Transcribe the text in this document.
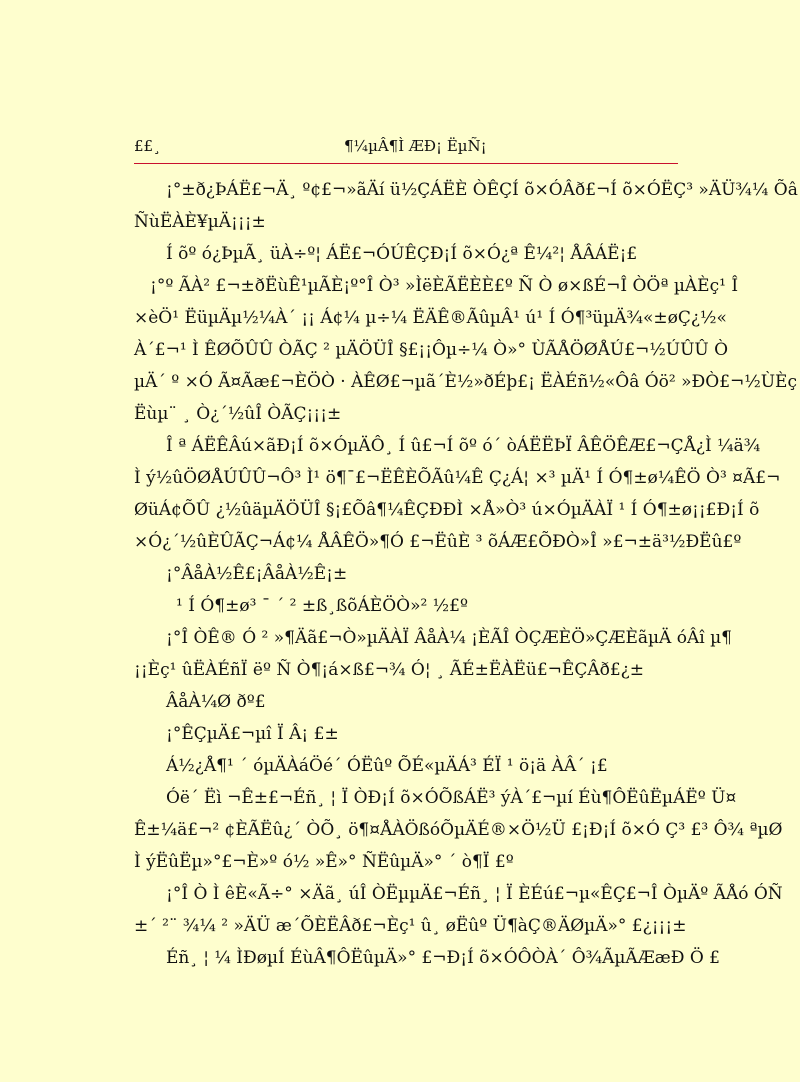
££¸	¶¼µÂ¶Ì ÆÐ¡ ËµÑ¡
¡°±ð¿ÞÁË£¬Ä¸ º¢£¬»ãÄí ü½ÇÁËÈ ÒÊÇÍ õ×ÓÂð£¬Í õ×ÓËÇ³ »ÄÜ¾¼ Õâ
ÑùËÀÈ¥µÄ¡¡¡±
Í õº ó¿ÞµÃ¸ üÀ÷º¦ ÁË£¬ÓÚÊÇÐ¡Í õ×Ó¿ª Ê¼²¦ ÅÂÁË¡£
¡°º ÃÀ² £¬±ðËùÊ¹µÃÈ¡º°Î Ò³ »ÌëÈÃËÈÈ£º Ñ Ò ø×ßÉ¬Î ÒÖª µÀÈç¹ Î
×èÖ¹ ËüµÄµ½¼À´ ¡¡ Á¢¼ µ÷¼ ËÄÊ®ÃûµÂ¹ ú¹ Í Ó¶³üµÄ¾«±øÇ¿½«
À´£¬¹ Ì ÊØÕÛÛ ÒÃÇ ² µÄÖÜÎ §£¡¡Ôµ÷¼ Ò»° ÙÃÅÖØÅÚ£¬½ÚÛÛ Ò
µÄ´ º ×Ó Ã¤Ãæ£¬ÈÖÒ · ÀÊØ£¬µã´È½»ðÉþ£¡ ËÀÉñ½«Ôâ Óö² »ÐÒ£¬½ÙÈç
Ëùµ¨ ¸ Ò¿´½ûÎ ÒÃÇ¡¡¡±
Î ª ÁËÊÂú×ãÐ¡Í õ×ÓµÄÔ¸ Í û£¬Í õº ó´ òÁËËÞÏ ÂÊÖÊÆ£¬ÇÅ¿Ì ¼ä¾
Ì ý½ûÖØÅÚÛÛ¬Ô³ Ì¹ ö¶¯£¬ËÊÈÕÃû¼Ê Ç¿Á¦ ×³ µÄ¹ Í Ó¶±ø¼ÊÖ Ò³ ¤Ã£¬
ØüÁ¢ÕÛ ¿½ûäµÄÖÜÎ §¡£Õâ¶¼ÊÇÐÐÌ ×Å»Ò³ ú×ÓµÄÀÏ ¹ Í Ó¶±ø¡¡£Ð¡Í õ
×Ó¿´½ûÈÛÃÇ¬Á¢¼ ÅÂÊÖ»¶Ó £¬ËûÈ ³ õÁÆ£ÕÐÒ»Î »£¬±ä³½ÐËû£º
¡°ÂåÀ½Ê£¡ÂåÀ½Ê¡±
¹ Í Ó¶±ø³ ¯ ´ ² ±ß¸ßõÁÈÖÒ»² ½£º
¡°Î ÒÊ® Ó ² »¶Äã£¬Ò»µÄÀÏ ÂåÀ¼ ¡ÈÃÎ ÒÇÆÈÖ»ÇÆÈãµÄ óÂî µ¶
¡¡Èç¹ ûËÀÉñÏ ëº Ñ Ò¶¡á×ß£¬¾ Ó¦ ¸ ÃÉ±ËÀËü£¬ÊÇÂð£¿±
ÂåÀ¼Ø ðº£
¡°ÊÇµÄ£¬µî Ï Â¡ £±
Á½¿Å¶¹ ´ óµÄÀáÖé´ ÓËûº ÕÉ«µÄÁ³ ÉÏ ¹ ö¡ä ÀÂ´ ¡£
Óë´ Ëì ¬Ê±£¬Éñ¸ ¦ Ï ÒÐ¡Í õ×ÓÕßÁË³ ýÀ´£¬µí Éù¶ÔËûËµÁËº Ü¤
Ê±¼ä£¬² ¢ÈÃËû¿´ ÒÕ¸ ö¶¤ÅÀÖßóÕµÄÉ®×Ö½Ü £¡Ð¡Í õ×Ó Ç³ £³ Ô¾ ªµØ
Ì ýËûËµ»°£¬È»º ó½ »Ê»° ÑËûµÄ»° ´ ò¶Ï £º
¡°Î Ò Ì êÈ«Ã÷° ×Äã¸ úÎ ÒËµµÄ£¬Éñ¸ ¦ Ï ÈÉú£¬µ«ÊÇ£¬Î ÒµÄº ÃÅó ÓÑ
±´ ²¨ ¾¼ ² »ÄÜ æ´ÕÈËÂð£¬Èç¹ û¸ øËûº Ü¶àÇ®ÄØµÄ»° £¿¡¡¡±
Éñ¸ ¦ ¼ ÌÐøµÍ ÉùÂ¶ÔËûµÄ»° £¬Ð¡Í õ×ÓÔÒÀ´ Ô¾ÃµÃÆæÐ Ö £
